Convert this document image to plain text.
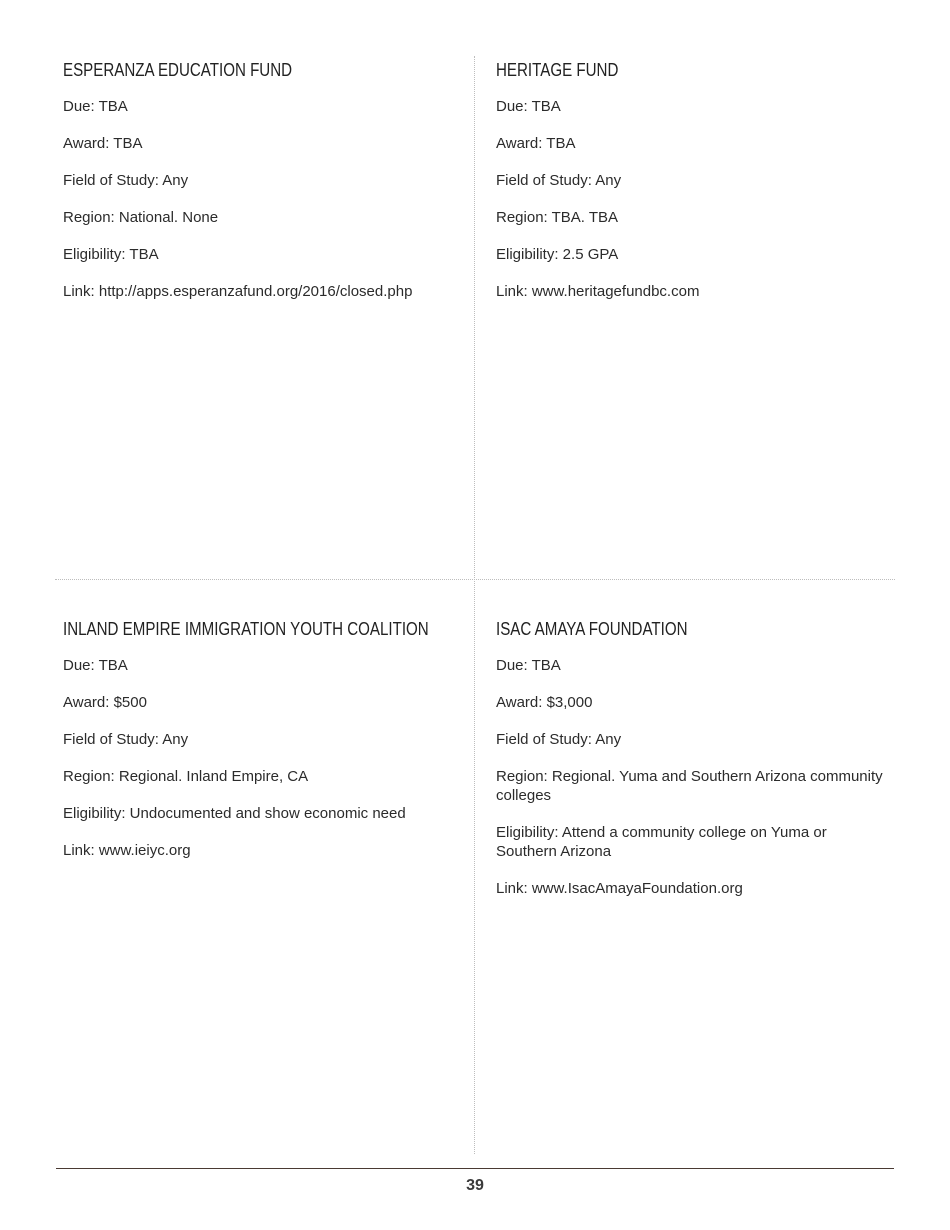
ESPERANZA EDUCATION FUND

Due: TBA

Award: TBA

Field of Study: Any

Region: National. None

Eligibility: TBA

Link: http://apps.esperanzafund.org/2016/closed.php

HERITAGE FUND

Due: TBA

Award: TBA

Field of Study: Any

Region: TBA. TBA

Eligibility: 2.5 GPA

Link: www.heritagefundbc.com

INLAND EMPIRE IMMIGRATION YOUTH COALITION

Due: TBA

Award: $500

Field of Study: Any

Region: Regional. Inland Empire, CA

Eligibility: Undocumented and show economic need

Link: www.ieiyc.org

ISAC AMAYA FOUNDATION

Due: TBA

Award: $3,000

Field of Study: Any

Region: Regional. Yuma and Southern Arizona community colleges

Eligibility: Attend a community college on Yuma or Southern Arizona

Link: www.IsacAmayaFoundation.org

39
